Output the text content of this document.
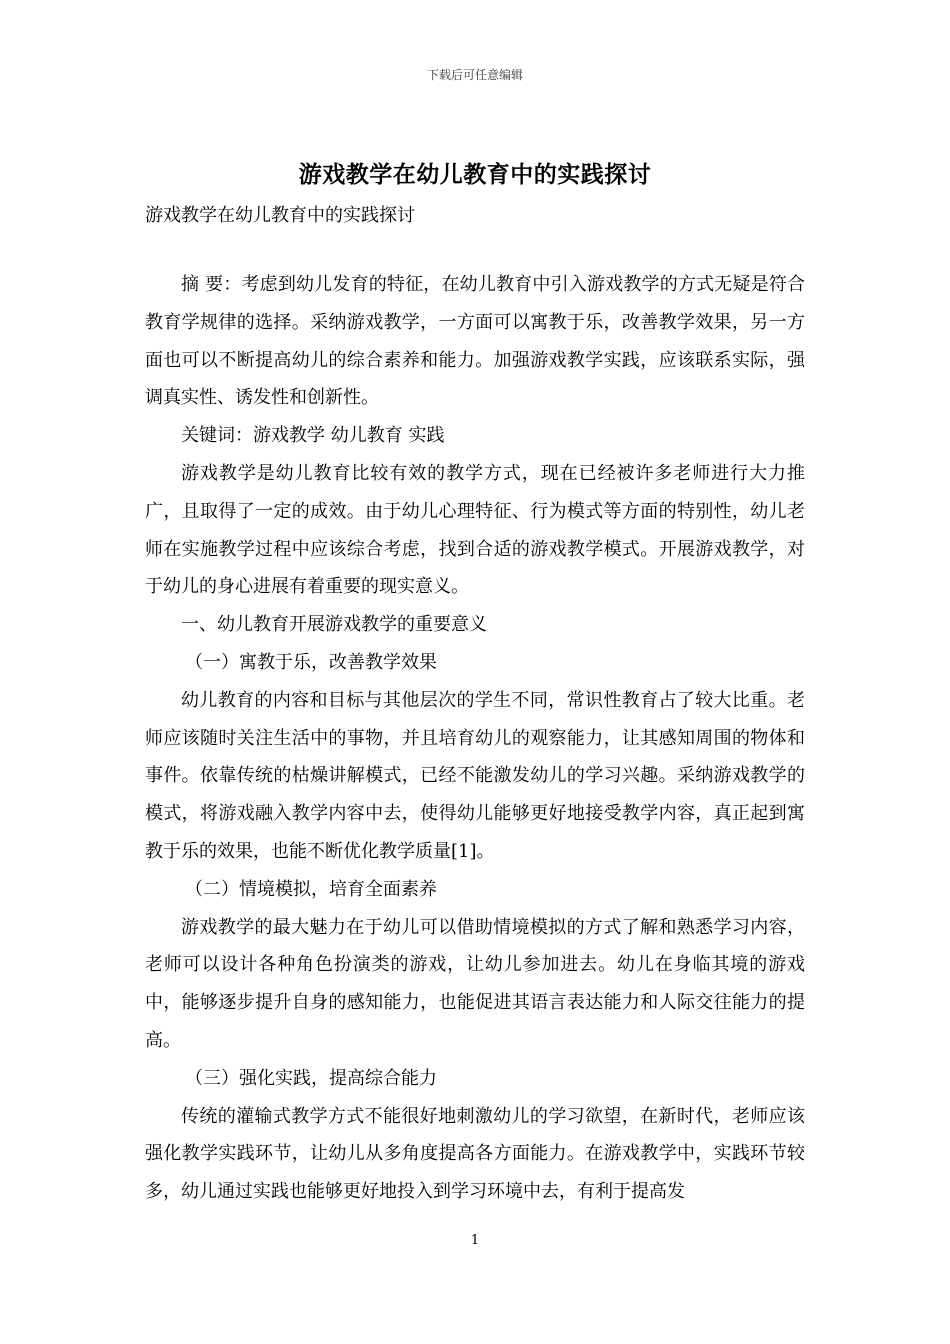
下载后可任意编辑
游戏教学在幼儿教育中的实践探讨
游戏教学在幼儿教育中的实践探讨

摘 要：考虑到幼儿发育的特征，在幼儿教育中引入游戏教学的方式无疑是符合教育学规律的选择。采纳游戏教学，一方面可以寓教于乐，改善教学效果，另一方面也可以不断提高幼儿的综合素养和能力。加强游戏教学实践，应该联系实际，强调真实性、诱发性和创新性。

关键词：游戏教学 幼儿教育 实践

游戏教学是幼儿教育比较有效的教学方式，现在已经被许多老师进行大力推广，且取得了一定的成效。由于幼儿心理特征、行为模式等方面的特别性，幼儿老师在实施教学过程中应该综合考虑，找到合适的游戏教学模式。开展游戏教学，对于幼儿的身心进展有着重要的现实意义。

一、幼儿教育开展游戏教学的重要意义

（一）寓教于乐，改善教学效果

幼儿教育的内容和目标与其他层次的学生不同，常识性教育占了较大比重。老师应该随时关注生活中的事物，并且培育幼儿的观察能力，让其感知周围的物体和事件。依靠传统的枯燥讲解模式，已经不能激发幼儿的学习兴趣。采纳游戏教学的模式，将游戏融入教学内容中去，使得幼儿能够更好地接受教学内容，真正起到寓教于乐的效果，也能不断优化教学质量[1]。

（二）情境模拟，培育全面素养

游戏教学的最大魅力在于幼儿可以借助情境模拟的方式了解和熟悉学习内容，老师可以设计各种角色扮演类的游戏，让幼儿参加进去。幼儿在身临其境的游戏中，能够逐步提升自身的感知能力，也能促进其语言表达能力和人际交往能力的提高。

（三）强化实践，提高综合能力

传统的灌输式教学方式不能很好地刺激幼儿的学习欲望，在新时代，老师应该强化教学实践环节，让幼儿从多角度提高各方面能力。在游戏教学中，实践环节较多，幼儿通过实践也能够更好地投入到学习环境中去，有利于提高发

1
